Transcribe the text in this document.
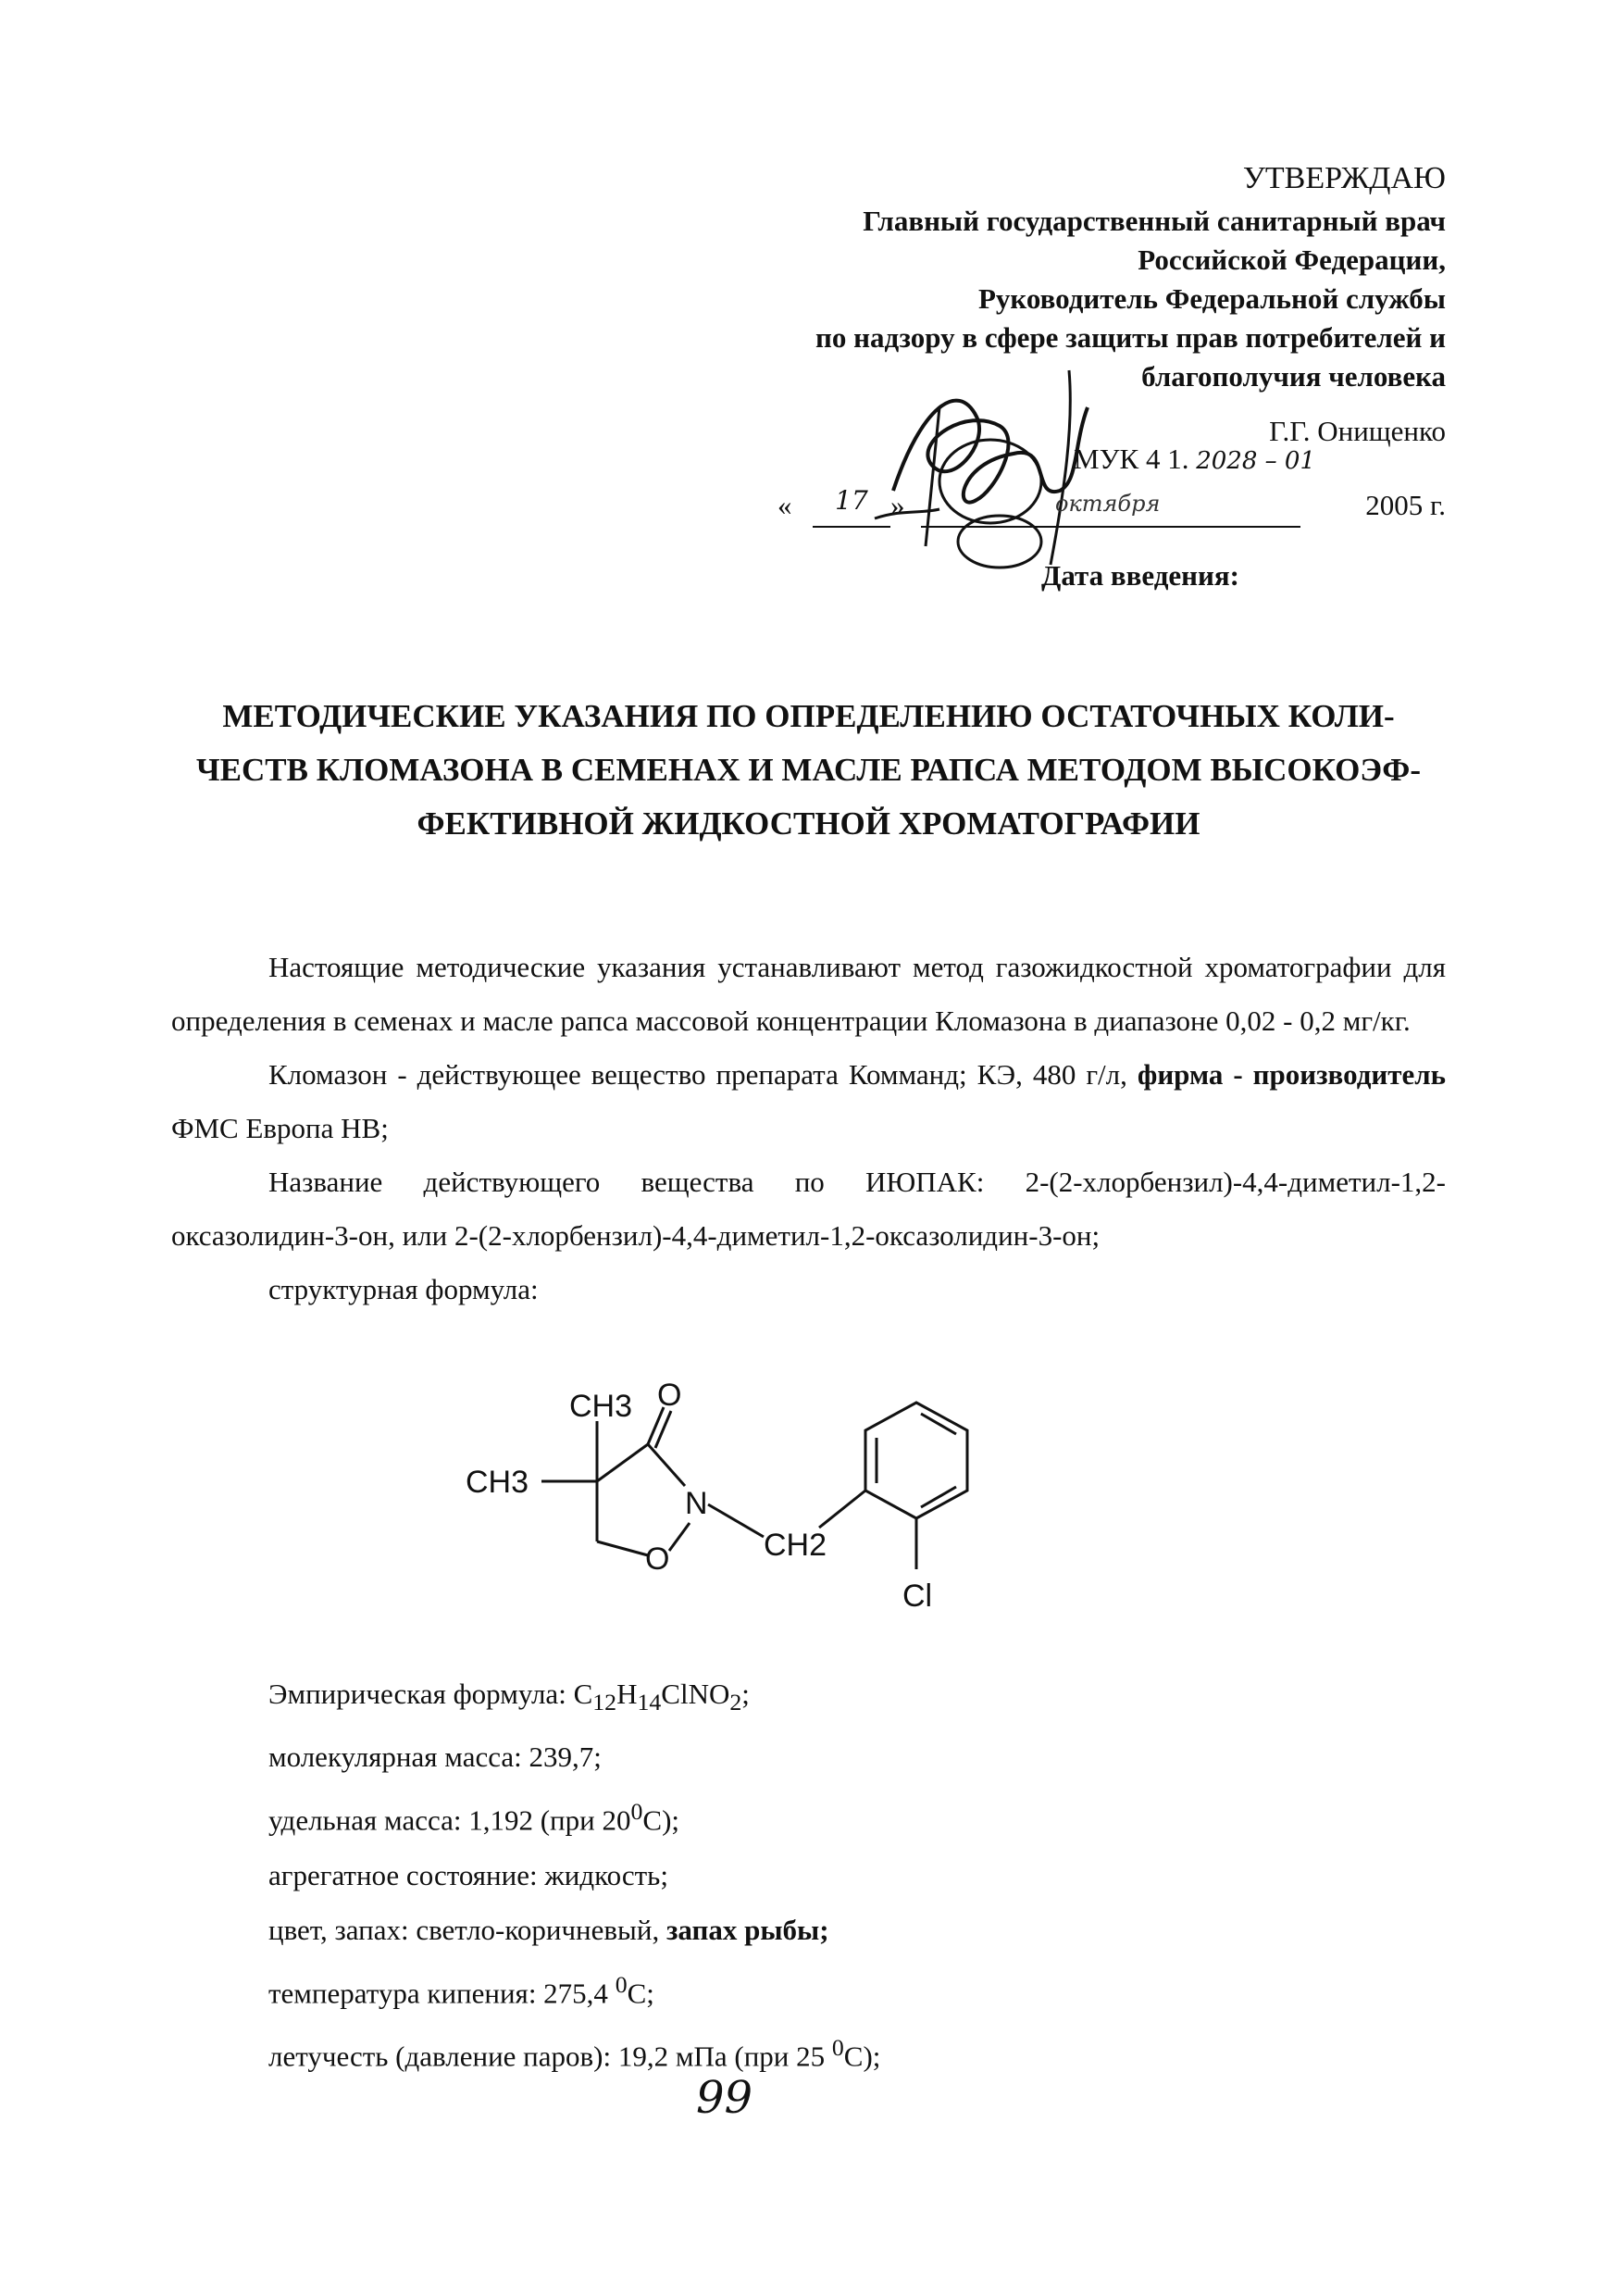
УТВЕРЖДАЮ
Главный государственный санитарный врач
Российской Федерации,
Руководитель Федеральной службы
по надзору в сфере защиты прав потребителей и
благополучия человека
Г.Г. Онищенко
МУК 4 1. 2028 – 01
«	17 »	октября	2005 г.
Дата введения:
МЕТОДИЧЕСКИЕ УКАЗАНИЯ ПО ОПРЕДЕЛЕНИЮ ОСТАТОЧНЫХ КОЛИ-
ЧЕСТВ КЛОМАЗОНА В СЕМЕНАХ И МАСЛЕ РАПСА МЕТОДОМ ВЫСОКОЭФ-
ФЕКТИВНОЙ ЖИДКОСТНОЙ ХРОМАТОГРАФИИ

Настоящие методические указания устанавливают метод газожидкостной хроматографии для определения в семенах и масле рапса массовой концентрации Кломазона в диапазоне 0,02 - 0,2 мг/кг.

Кломазон - действующее вещество препарата Комманд; КЭ, 480 г/л, фирма - производитель ФМС Европа НВ;

Название действующего вещества по ИЮПАК: 2-(2-хлорбензил)-4,4-диметил-1,2-оксазолидин-3-он, или 2-(2-хлорбензил)-4,4-диметил-1,2-оксазолидин-3-он;

структурная формула:

CH3
CH3
O
N
O	CH2
Cl
Эмпирическая формула: $C_{12}H_{14}ClNO_2$;
молекулярная масса: 239,7;
удельная масса: 1,192 (при $20^0С$);
агрегатное состояние: жидкость;
цвет, запах: светло-коричневый, запах рыбы;
температура кипения: 275,4 $^0$С;
летучесть (давление паров): 19,2 мПа (при 25 $^0$С);
99
